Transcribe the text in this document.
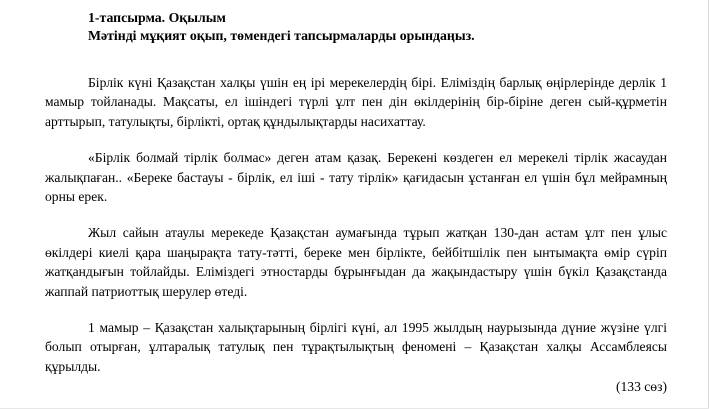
1-тапсырма. Оқылым
Мәтінді мұқият оқып, төмендегі тапсырмаларды орындаңыз.

Бірлік күні Қазақстан халқы үшін ең ірі мерекелердің бірі. Еліміздің барлық өңірлерінде дерлік 1 мамыр тойланады. Мақсаты, ел ішіндегі түрлі ұлт пен дін өкілдерінің бір-біріне деген сый-құрметін арттырып, татулықты, бірлікті, ортақ құндылықтарды насихаттау.

«Бірлік болмай тірлік болмас» деген атам қазақ. Берекені көздеген ел мерекелі тірлік жасаудан жалықпаған.. «Береке бастауы - бірлік, ел іші - тату тірлік» қағидасын ұстанған ел үшін бұл мейрамның орны ерек.

Жыл сайын атаулы мерекеде Қазақстан аумағында тұрып жатқан 130-дан астам ұлт пен ұлыс өкілдері киелі қара шаңырақта тату-тәтті, береке мен бірлікте, бейбітшілік пен ынтымақта өмір сүріп жатқандығын тойлайды. Еліміздегі этностарды бұрынғыдан да жақындастыру үшін бүкіл Қазақстанда жаппай патриоттық шерулер өтеді.

1 мамыр – Қазақстан халықтарының бірлігі күні, ал 1995 жылдың наурызында дүние жүзіне үлгі болып отырған, ұлтаралық татулық пен тұрақтылықтың феномені – Қазақстан халқы Ассамблеясы құрылды.

(133 сөз)
